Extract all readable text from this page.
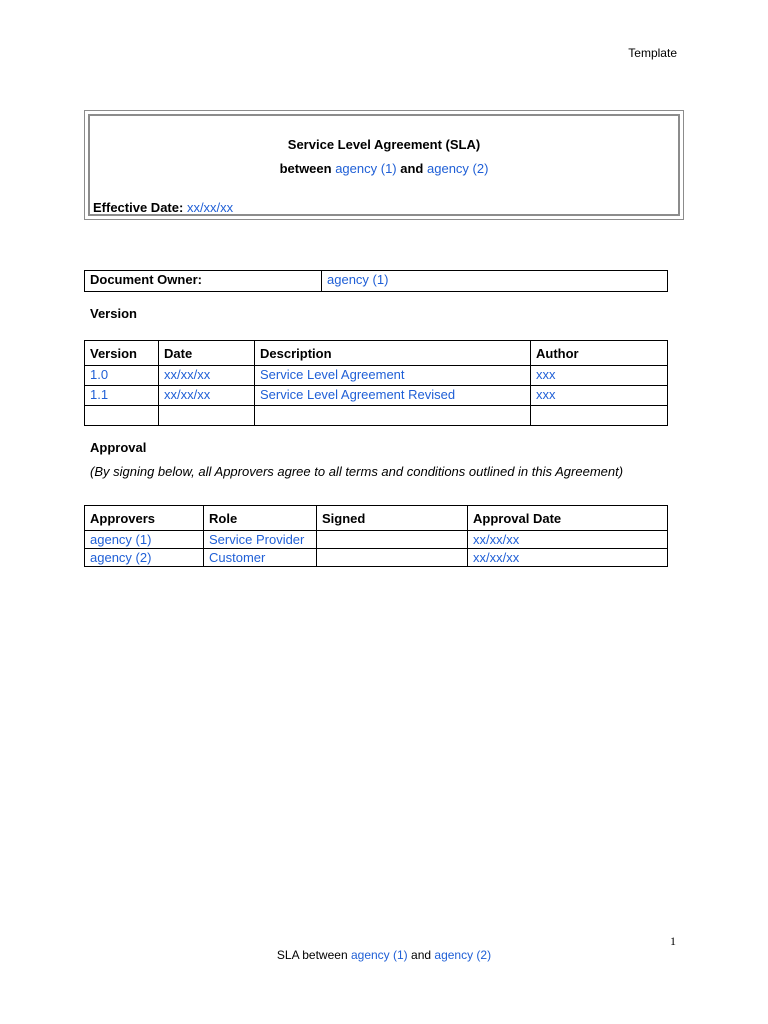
Template
Service Level Agreement (SLA)
between agency (1) and agency (2)
Effective Date: xx/xx/xx
Document Owner:	agency (1)
Version
Version	Date	Description	Author
1.0	xx/xx/xx	Service Level Agreement	xxx
1.1	xx/xx/xx	Service Level Agreement Revised	xxx

Approval
(By signing below, all Approvers agree to all terms and conditions outlined in this Agreement)
Approvers	Role	Signed	Approval Date
agency (1)	Service Provider		xx/xx/xx
agency (2)	Customer		xx/xx/xx
1
SLA between agency (1) and agency (2)
